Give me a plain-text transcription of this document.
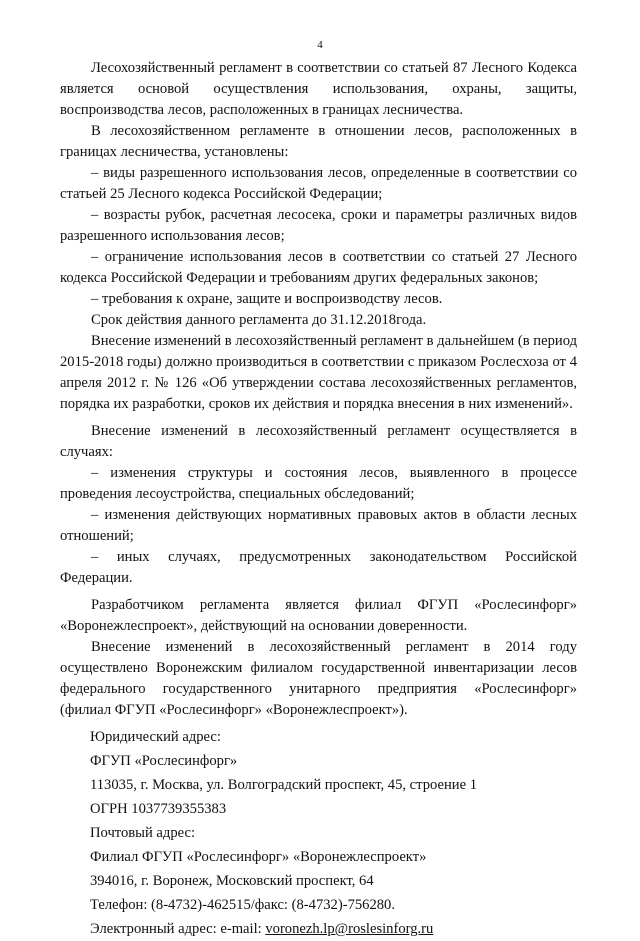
4

Лесохозяйственный регламент в соответствии со статьей 87 Лесного Кодекса является основой осуществления использования, охраны, защиты, воспроизводства лесов, расположенных в границах лесничества.

В лесохозяйственном регламенте в отношении лесов, расположенных в границах лесничества, установлены:

– виды разрешенного использования лесов, определенные в соответствии со статьей 25 Лесного кодекса Российской Федерации;

– возрасты рубок, расчетная лесосека, сроки и параметры различных видов разрешенного использования лесов;

– ограничение использования лесов в соответствии со статьей 27 Лесного кодекса Российской Федерации и требованиям других федеральных законов;

– требования к охране, защите и воспроизводству лесов.

Срок действия данного регламента до 31.12.2018года.

Внесение изменений в лесохозяйственный регламент в дальнейшем (в период 2015-2018 годы) должно производиться в соответствии с приказом Рослесхоза от 4 апреля 2012 г. № 126 «Об утверждении состава лесохозяйственных регламентов, порядка их разработки, сроков их действия и порядка внесения в них изменений».

Внесение изменений в лесохозяйственный регламент осуществляется в случаях:

– изменения структуры и состояния лесов, выявленного в процессе проведения лесоустройства, специальных обследований;

– изменения действующих нормативных правовых актов в области лесных отношений;

– иных случаях, предусмотренных законодательством Российской Федерации.

Разработчиком регламента является филиал ФГУП «Рослесинфорг» «Воронежлеспроект», действующий на основании доверенности.

Внесение изменений в лесохозяйственный регламент в 2014 году осуществлено Воронежским филиалом государственной инвентаризации лесов федерального государственного унитарного предприятия «Рослесинфорг» (филиал ФГУП «Рослесинфорг» «Воронежлеспроект»).

Юридический адрес:

ФГУП «Рослесинфорг»

113035, г. Москва, ул. Волгоградский проспект, 45, строение 1

ОГРН 1037739355383

Почтовый адрес:

Филиал ФГУП «Рослесинфорг» «Воронежлеспроект»

394016, г. Воронеж, Московский проспект, 64

Телефон: (8-4732)-462515/факс: (8-4732)-756280.

Электронный адрес: e-mail: voronezh.lp@roslesinforg.ru
